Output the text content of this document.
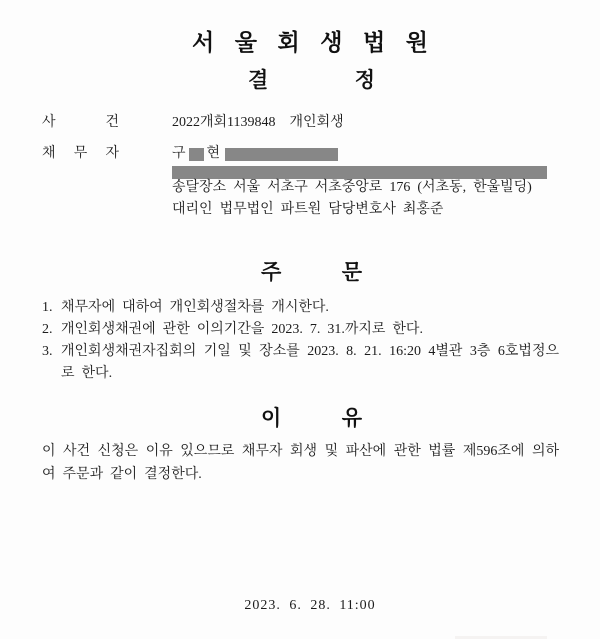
서 울 회 생 법 원
결	정
사	건	2022개회1139848  개인회생
채 무 자	구 현
송달장소 서울 서초구 서초중앙로 176 (서초동, 한울빌딩)
대리인 법무법인 파트원 담당변호사 최홍준
주	문
1. 채무자에 대하여 개인회생절차를 개시한다.
2. 개인회생채권에 관한 이의기간을 2023. 7. 31.까지로 한다.
3. 개인회생채권자집회의 기일 및 장소를 2023. 8. 21. 16:20 4별관 3층 6호법정으로 한다.
이	유
이 사건 신청은 이유 있으므로 채무자 회생 및 파산에 관한 법률 제596조에 의하여 주문과 같이 결정한다.
2023. 6. 28. 11:00
